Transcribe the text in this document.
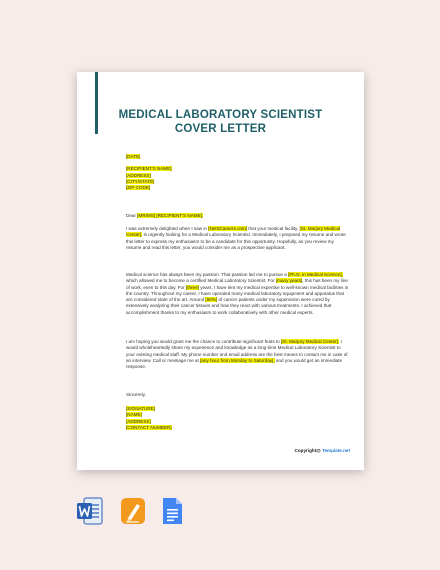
MEDICAL LABORATORY SCIENTIST
COVER LETTER
[DATE]
[RECIPIENT'S NAME]
[ADDRESS]
[CITY/STATE]
[ZIP CODE]
Dear [MR/MS] [RECIPIENT'S NAME],
I was extremely delighted when I saw in [NerdCareers.com] that your medical facility, [St. Marjory Medical Center], is urgently looking for a Medical Laboratory Scientist. Immediately, I prepared my resume and wrote this letter to express my enthusiasm to be a candidate for this opportunity. Hopefully, as you review my resume and read this letter, you would consider me as a prospective applicant.
Medical science has always been my passion. That passion led me to pursue a [Ph.D. in Medical Science], which allowed me to become a certified Medical Laboratory Scientist. For [many years], this has been my line of work, even to this day. For [three] years, I have lent my medical expertise to well-known medical facilities in the country. Throughout my career, I have operated many medical laboratory equipment and apparatus that are considered state of the art. Around [60%] of cancer patients under my supervision were cured by extensively analyzing their cancer tissues and how they react with various treatments. I achieved that accomplishment thanks to my enthusiasm to work collaboratively with other medical experts.
I am hoping you would grant me the chance to contribute significant feats to [St. Marjory Medical Center]. I would wholeheartedly share my experience and knowledge as a long-time Medical Laboratory Scientist to your existing medical staff. My phone number and email address are the best means to contact me in case of an interview. Call or message me at [any hour from Monday to Saturday], and you would get an immediate response.
Sincerely,
[SIGNATURE]
[NAME]
[ADDRESS]
[CONTACT NUMBER]
Copyright@ Template.net
